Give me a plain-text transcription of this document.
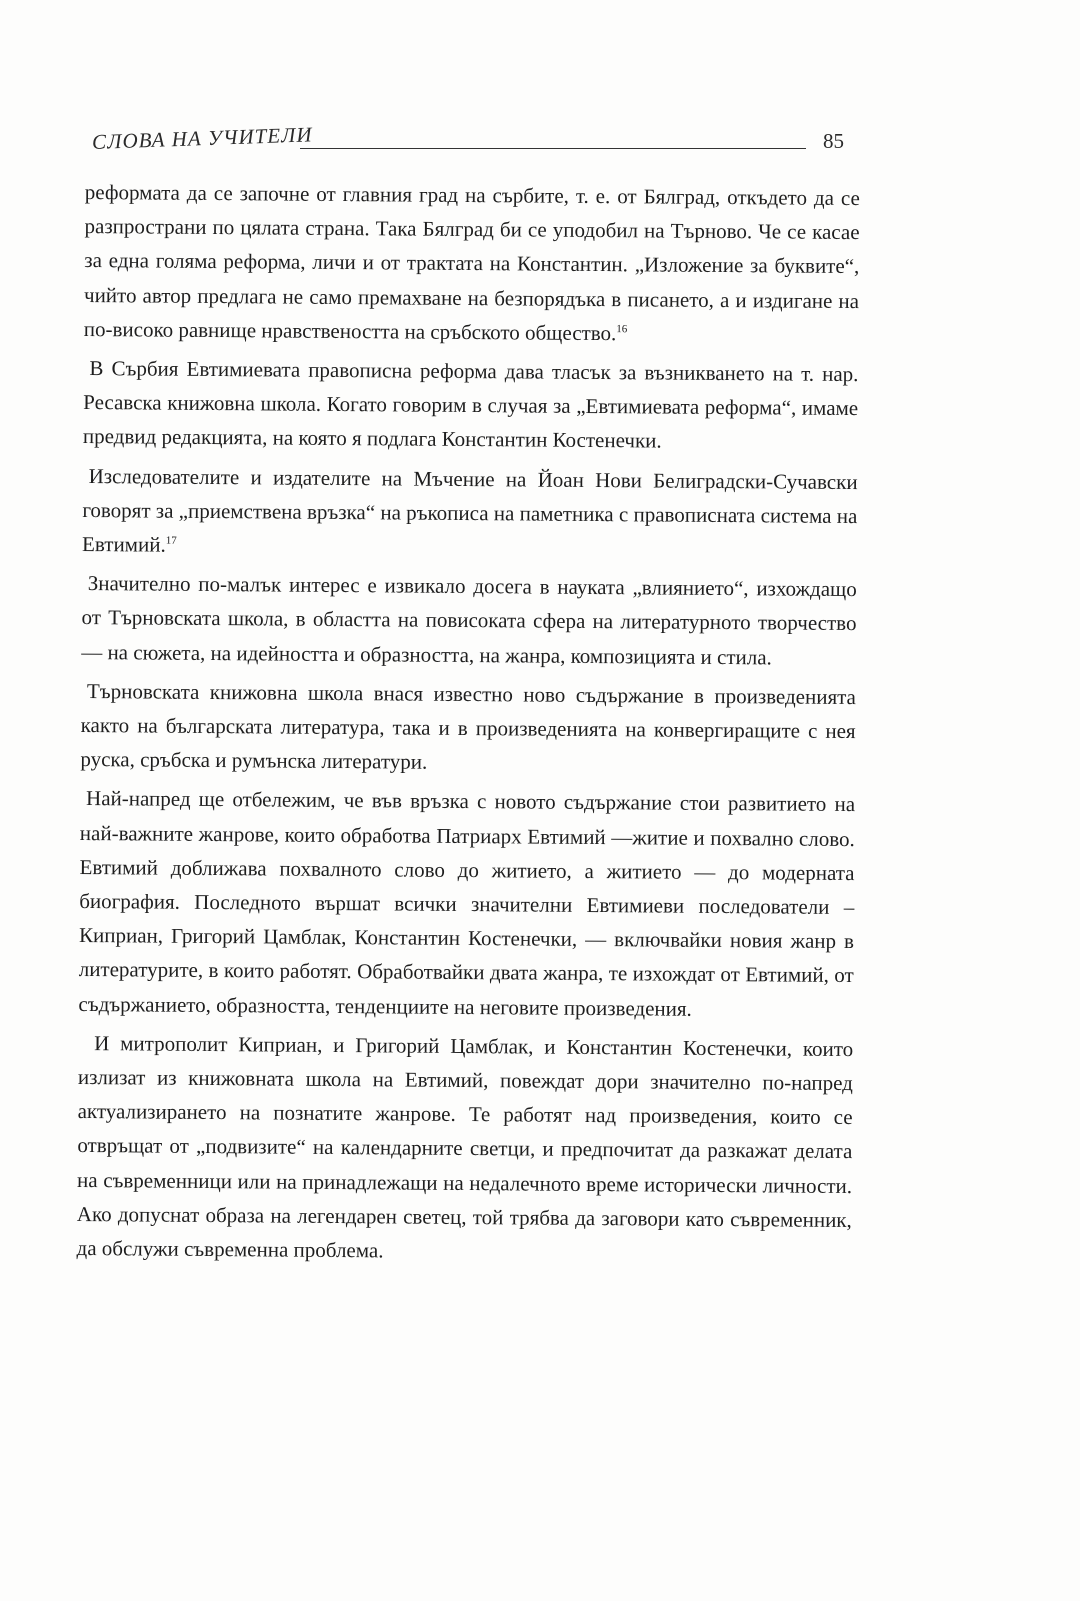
СЛОВА НА УЧИТЕЛИ	85

реформата да се започне от главния град на сърбите, т. е. от Бялград, откъдето да се разпространи по цялата страна. Така Бялград би се уподобил на Търново. Че се касае за една голяма реформа, личи и от трактата на Константин. „Изложение за буквите“, чийто автор предлага не само премахване на безпорядъка в писането, а и издигане на по-високо равнище нравствеността на сръбското общество.$^{16}$

В Сърбия Евтимиевата правописна реформа дава тласък за възникването на т. нар. Ресавска книжовна школа. Когато говорим в случая за „Евтимиевата реформа“, имаме предвид редакцията, на която я подлага Константин Костенечки.

Изследователите и издателите на Мъчение на Йоан Нови Белиградски-Сучавски говорят за „приемствена връзка“ на ръкописа на паметника с правописната система на Евтимий.$^{17}$

Значително по-малък интерес е извикало досега в науката „влиянието“, изхождащо от Търновската школа, в областта на повисоката сфера на литературното творчество — на сюжета, на идейността и образността, на жанра, композицията и стила.

Търновската книжовна школа внася известно ново съдържание в произведенията както на българската литература, така и в произведенията на конвергиращите с нея руска, сръбска и румънска литератури.

Най-напред ще отбележим, че във връзка с новото съдържание стои развитието на най-важните жанрове, които обработва Патриарх Евтимий —житие и похвално слово. Евтимий доближава похвалното слово до житието, а житието — до модерната биография. Последното вършат всички значителни Евтимиеви последователи – Киприан, Григорий Цамблак, Константин Костенечки, — включвайки новия жанр в литературите, в които работят. Обработвайки двата жанра, те изхождат от Евтимий, от съдържанието, образността, тенденциите на неговите произведения.

И митрополит Киприан, и Григорий Цамблак, и Константин Костенечки, които излизат из книжовната школа на Евтимий, повеждат дори значително по-напред актуализирането на познатите жанрове. Те работят над произведения, които се отвръщат от „подвизите“ на календарните светци, и предпочитат да разкажат делата на съвременници или на принадлежащи на недалечното време исторически личности. Ако допуснат образа на легендарен светец, той трябва да заговори като съвременник, да обслужи съвременна проблема.
